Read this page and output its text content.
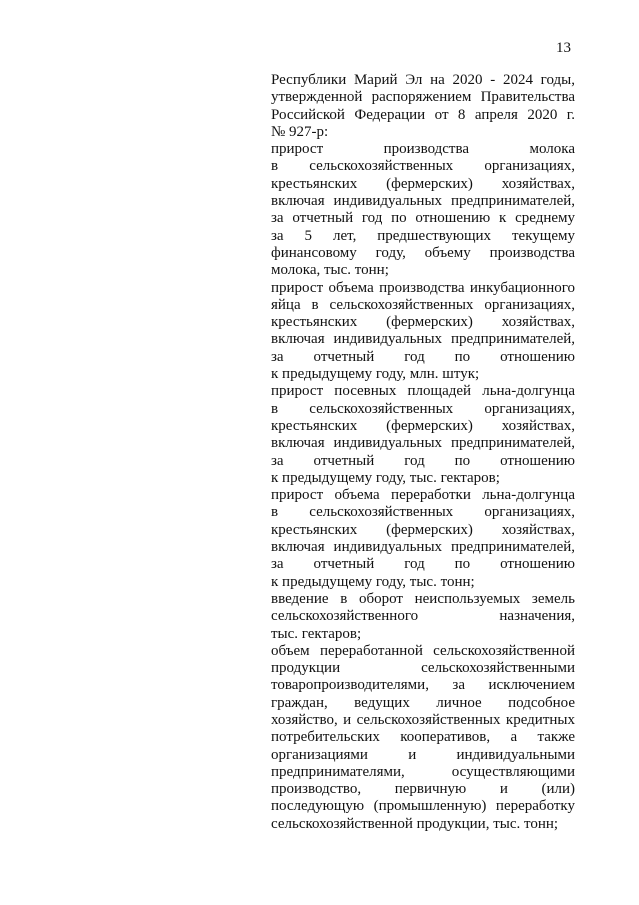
13
Республики Марий Эл на 2020 - 2024 годы,
утвержденной распоряжением Правительства
Российской Федерации от 8 апреля 2020 г.
№ 927-р:
прирост производства молока
в сельскохозяйственных организациях,
крестьянских (фермерских) хозяйствах,
включая индивидуальных предпринимателей,
за отчетный год по отношению к среднему
за 5 лет, предшествующих текущему
финансовому году, объему производства
молока, тыс. тонн;
прирост объема производства инкубационного
яйца в сельскохозяйственных организациях,
крестьянских (фермерских) хозяйствах,
включая индивидуальных предпринимателей,
за отчетный год по отношению
к предыдущему году, млн. штук;
прирост посевных площадей льна-долгунца
в сельскохозяйственных организациях,
крестьянских (фермерских) хозяйствах,
включая индивидуальных предпринимателей,
за отчетный год по отношению
к предыдущему году, тыс. гектаров;
прирост объема переработки льна-долгунца
в сельскохозяйственных организациях,
крестьянских (фермерских) хозяйствах,
включая индивидуальных предпринимателей,
за отчетный год по отношению
к предыдущему году, тыс. тонн;
введение в оборот неиспользуемых земель
сельскохозяйственного назначения,
тыс. гектаров;
объем переработанной сельскохозяйственной
продукции сельскохозяйственными
товаропроизводителями, за исключением
граждан, ведущих личное подсобное
хозяйство, и сельскохозяйственных кредитных
потребительских кооперативов, а также
организациями и индивидуальными
предпринимателями, осуществляющими
производство, первичную и (или)
последующую (промышленную) переработку
сельскохозяйственной продукции, тыс. тонн;
